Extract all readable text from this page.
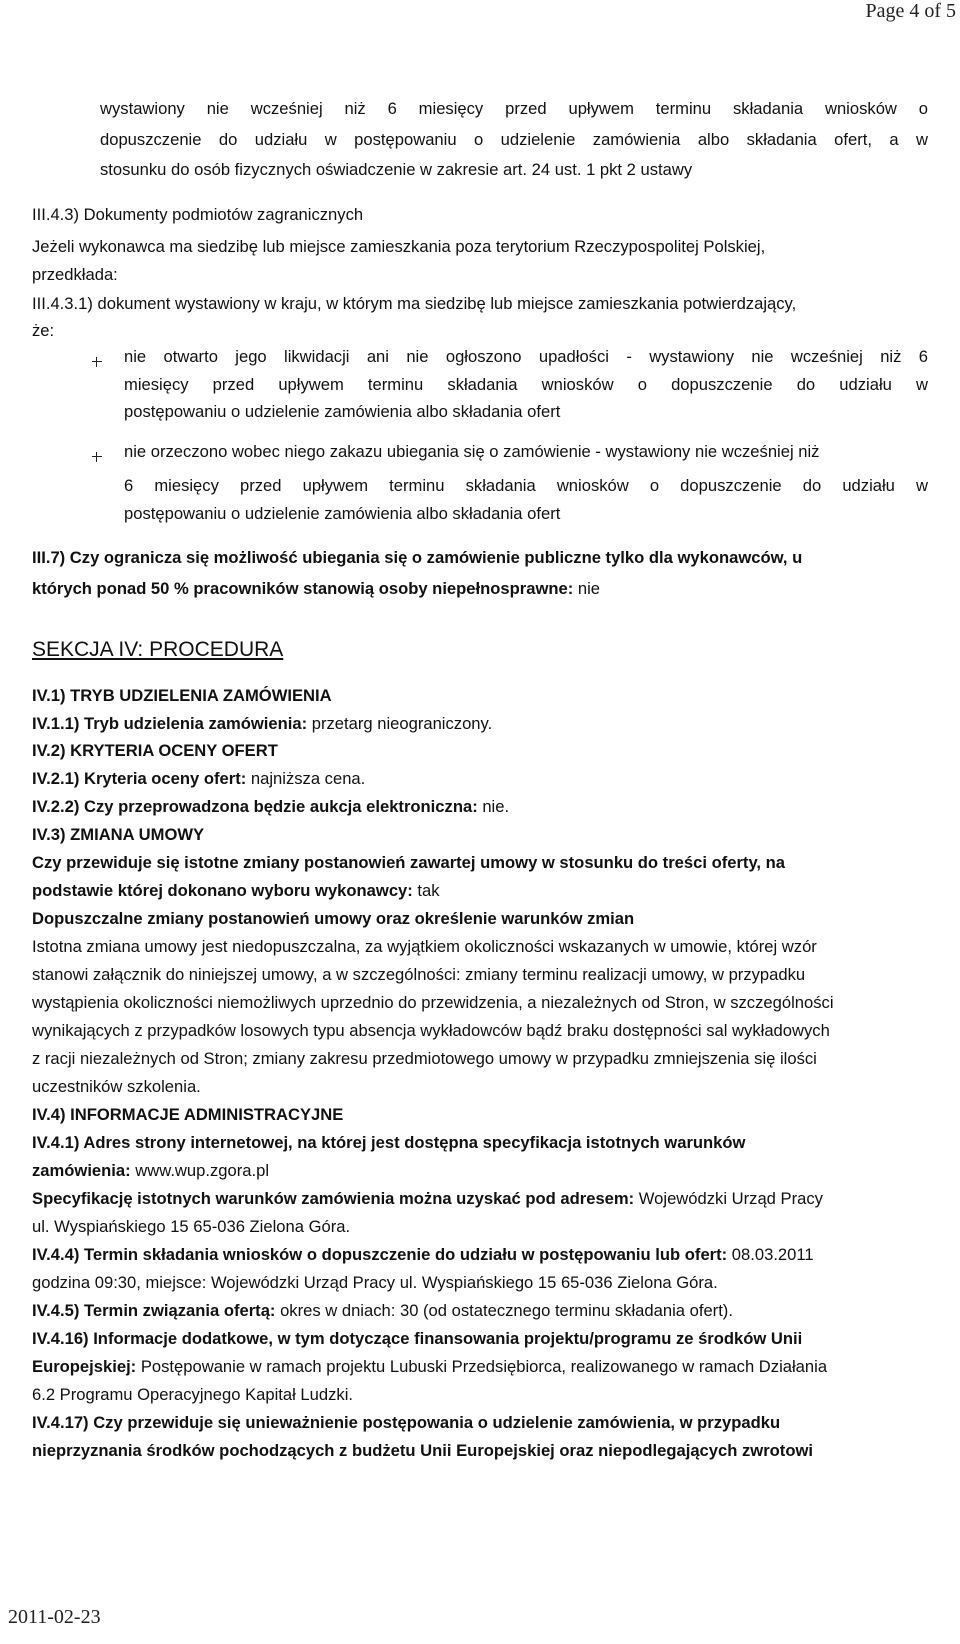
Page 4 of 5
wystawiony nie wcześniej niż 6 miesięcy przed upływem terminu składania wniosków o
dopuszczenie do udziału w postępowaniu o udzielenie zamówienia albo składania ofert, a w
stosunku do osób fizycznych oświadczenie w zakresie art. 24 ust. 1 pkt 2 ustawy
III.4.3) Dokumenty podmiotów zagranicznych
Jeżeli wykonawca ma siedzibę lub miejsce zamieszkania poza terytorium Rzeczypospolitej Polskiej,
przedkłada:
III.4.3.1) dokument wystawiony w kraju, w którym ma siedzibę lub miejsce zamieszkania potwierdzający,
że:
nie otwarto jego likwidacji ani nie ogłoszono upadłości - wystawiony nie wcześniej niż 6
miesięcy przed upływem terminu składania wniosków o dopuszczenie do udziału w
postępowaniu o udzielenie zamówienia albo składania ofert
nie orzeczono wobec niego zakazu ubiegania się o zamówienie - wystawiony nie wcześniej niż
6 miesięcy przed upływem terminu składania wniosków o dopuszczenie do udziału w
postępowaniu o udzielenie zamówienia albo składania ofert
III.7) Czy ogranicza się możliwość ubiegania się o zamówienie publiczne tylko dla wykonawców, u
których ponad 50 % pracowników stanowią osoby niepełnosprawne: nie
SEKCJA IV: PROCEDURA
IV.1) TRYB UDZIELENIA ZAMÓWIENIA
IV.1.1) Tryb udzielenia zamówienia: przetarg nieograniczony.
IV.2) KRYTERIA OCENY OFERT
IV.2.1) Kryteria oceny ofert: najniższa cena.
IV.2.2) Czy przeprowadzona będzie aukcja elektroniczna: nie.
IV.3) ZMIANA UMOWY
Czy przewiduje się istotne zmiany postanowień zawartej umowy w stosunku do treści oferty, na
podstawie której dokonano wyboru wykonawcy: tak
Dopuszczalne zmiany postanowień umowy oraz określenie warunków zmian
Istotna zmiana umowy jest niedopuszczalna, za wyjątkiem okoliczności wskazanych w umowie, której wzór
stanowi załącznik do niniejszej umowy, a w szczególności: zmiany terminu realizacji umowy, w przypadku
wystąpienia okoliczności niemożliwych uprzednio do przewidzenia, a niezależnych od Stron, w szczególności
wynikających z przypadków losowych typu absencja wykładowców bądź braku dostępności sal wykładowych
z racji niezależnych od Stron; zmiany zakresu przedmiotowego umowy w przypadku zmniejszenia się ilości
uczestników szkolenia.
IV.4) INFORMACJE ADMINISTRACYJNE
IV.4.1) Adres strony internetowej, na której jest dostępna specyfikacja istotnych warunków
zamówienia: www.wup.zgora.pl
Specyfikację istotnych warunków zamówienia można uzyskać pod adresem: Wojewódzki Urząd Pracy
ul. Wyspiańskiego 15 65-036 Zielona Góra.
IV.4.4) Termin składania wniosków o dopuszczenie do udziału w postępowaniu lub ofert: 08.03.2011
godzina 09:30, miejsce: Wojewódzki Urząd Pracy ul. Wyspiańskiego 15 65-036 Zielona Góra.
IV.4.5) Termin związania ofertą: okres w dniach: 30 (od ostatecznego terminu składania ofert).
IV.4.16) Informacje dodatkowe, w tym dotyczące finansowania projektu/programu ze środków Unii
Europejskiej: Postępowanie w ramach projektu Lubuski Przedsiębiorca, realizowanego w ramach Działania
6.2 Programu Operacyjnego Kapitał Ludzki.
IV.4.17) Czy przewiduje się unieważnienie postępowania o udzielenie zamówienia, w przypadku
nieprzyznania środków pochodzących z budżetu Unii Europejskiej oraz niepodlegających zwrotowi
2011-02-23
